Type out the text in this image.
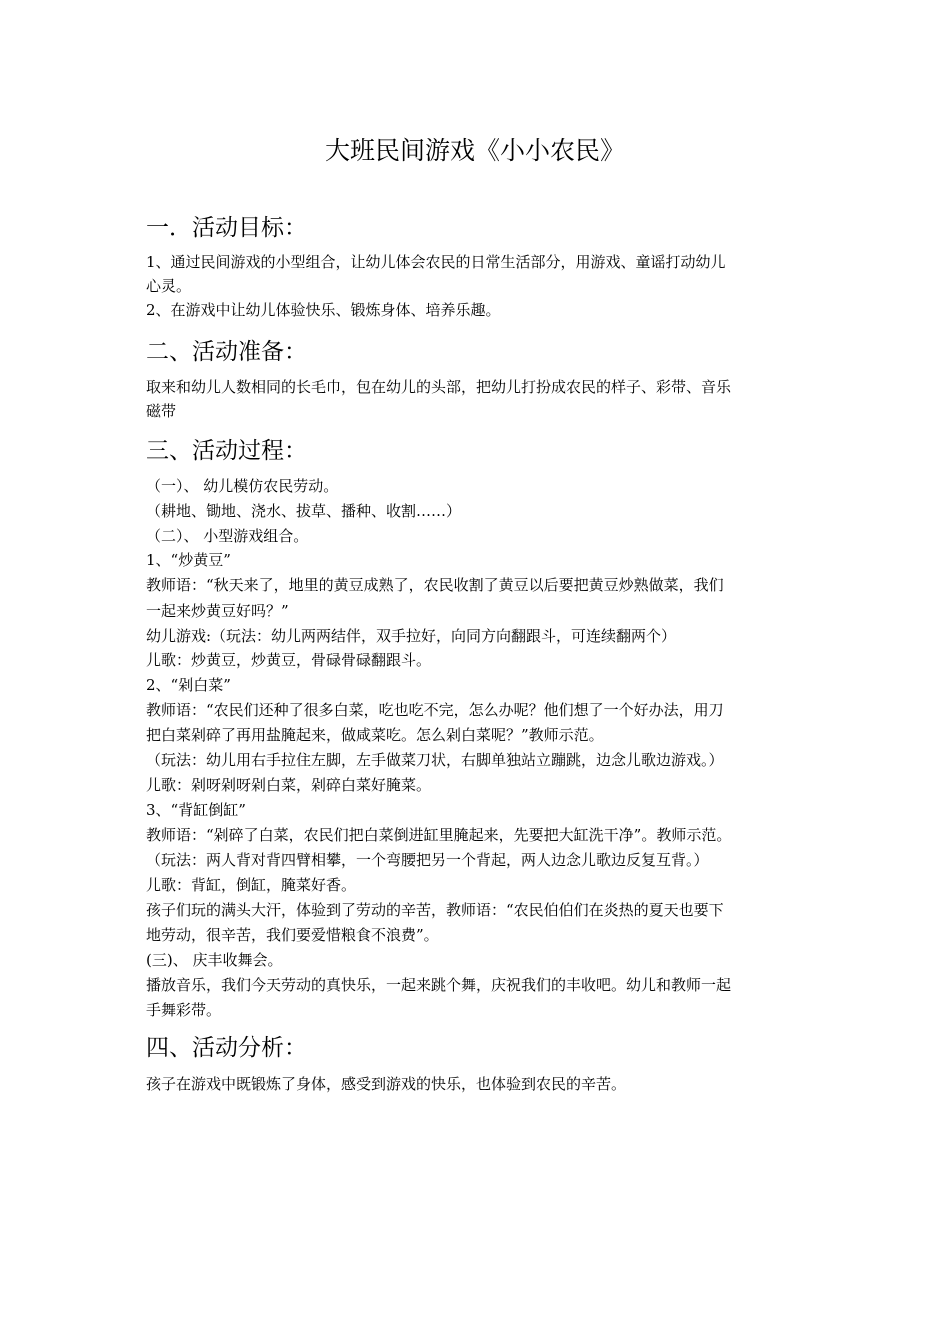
大班民间游戏《小小农民》
一．活动目标：
1、通过民间游戏的小型组合，让幼儿体会农民的日常生活部分，用游戏、童谣打动幼儿
心灵。
2、在游戏中让幼儿体验快乐、锻炼身体、培养乐趣。
二、活动准备：
取来和幼儿人数相同的长毛巾，包在幼儿的头部，把幼儿打扮成农民的样子、彩带、音乐
磁带
三、活动过程：
（一）、 幼儿模仿农民劳动。
（耕地、锄地、浇水、拔草、播种、收割……）
（二）、 小型游戏组合。
1、“炒黄豆”
教师语：“秋天来了，地里的黄豆成熟了，农民收割了黄豆以后要把黄豆炒熟做菜，我们
一起来炒黄豆好吗？”
幼儿游戏:（玩法：幼儿两两结伴，双手拉好，向同方向翻跟斗，可连续翻两个）
儿歌：炒黄豆，炒黄豆，骨碌骨碌翻跟斗。
2、“剁白菜”
教师语：“农民们还种了很多白菜，吃也吃不完，怎么办呢？他们想了一个好办法，用刀
把白菜剁碎了再用盐腌起来，做咸菜吃。怎么剁白菜呢？”教师示范。
（玩法：幼儿用右手拉住左脚，左手做菜刀状，右脚单独站立蹦跳，边念儿歌边游戏。）
儿歌：剁呀剁呀剁白菜，剁碎白菜好腌菜。
3、“背缸倒缸”
教师语：“剁碎了白菜，农民们把白菜倒进缸里腌起来，先要把大缸洗干净”。教师示范。
（玩法：两人背对背四臂相攀，一个弯腰把另一个背起，两人边念儿歌边反复互背。）
儿歌：背缸，倒缸，腌菜好香。
孩子们玩的满头大汗，体验到了劳动的辛苦，教师语：“农民伯伯们在炎热的夏天也要下
地劳动，很辛苦，我们要爱惜粮食不浪费”。
(三)、 庆丰收舞会。
播放音乐，我们今天劳动的真快乐，一起来跳个舞，庆祝我们的丰收吧。幼儿和教师一起
手舞彩带。
四、活动分析：
孩子在游戏中既锻炼了身体，感受到游戏的快乐，也体验到农民的辛苦。
